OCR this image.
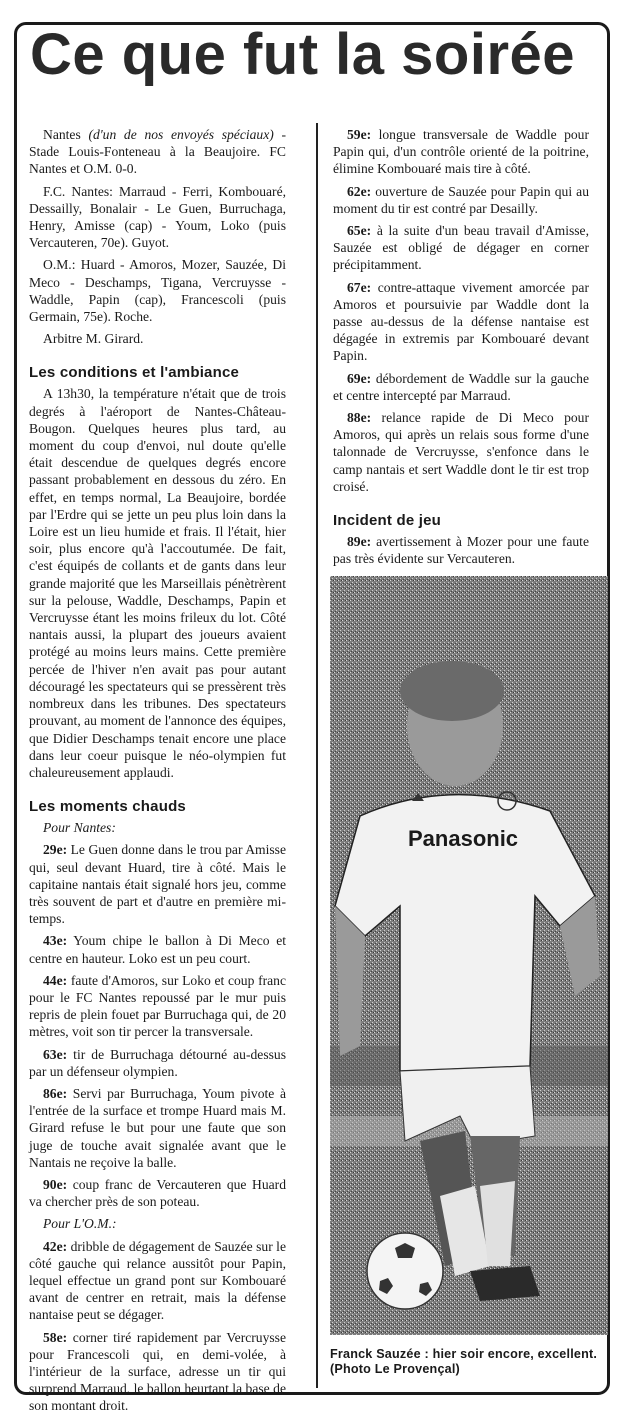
Ce que fut la soirée

Nantes (d'un de nos envoyés spéciaux) - Stade Louis-Fonteneau à la Beaujoire. FC Nantes et O.M. 0-0.

F.C. Nantes: Marraud - Ferri, Kombouaré, Dessailly, Bonalair - Le Guen, Burruchaga, Henry, Amisse (cap) - Youm, Loko (puis Vercauteren, 70e). Guyot.

O.M.: Huard - Amoros, Mozer, Sauzée, Di Meco - Deschamps, Tigana, Vercruysse - Waddle, Papin (cap), Francescoli (puis Germain, 75e). Roche.

Arbitre M. Girard.

Les conditions et l'ambiance

A 13h30, la température n'était que de trois degrés à l'aéroport de Nantes-Château-Bougon. Quelques heures plus tard, au moment du coup d'envoi, nul doute qu'elle était descendue de quelques degrés encore passant probablement en dessous du zéro. En effet, en temps normal, La Beaujoire, bordée par l'Erdre qui se jette un peu plus loin dans la Loire est un lieu humide et frais. Il l'était, hier soir, plus encore qu'à l'accoutumée. De fait, c'est équipés de collants et de gants dans leur grande majorité que les Marseillais pénètrèrent sur la pelouse, Waddle, Deschamps, Papin et Vercruysse étant les moins frileux du lot. Côté nantais aussi, la plupart des joueurs avaient protégé au moins leurs mains. Cette première percée de l'hiver n'en avait pas pour autant découragé les spectateurs qui se pressèrent très nombreux dans les tribunes. Des spectateurs prouvant, au moment de l'annonce des équipes, que Didier Deschamps tenait encore une place dans leur coeur puisque le néo-olympien fut chaleureusement applaudi.

Les moments chauds

Pour Nantes:

29e: Le Guen donne dans le trou par Amisse qui, seul devant Huard, tire à côté. Mais le capitaine nantais était signalé hors jeu, comme très souvent de part et d'autre en première mi-temps.

43e: Youm chipe le ballon à Di Meco et centre en hauteur. Loko est un peu court.

44e: faute d'Amoros, sur Loko et coup franc pour le FC Nantes repoussé par le mur puis repris de plein fouet par Burruchaga qui, de 20 mètres, voit son tir percer la transversale.

63e: tir de Burruchaga détourné au-dessus par un défenseur olympien.

86e: Servi par Burruchaga, Youm pivote à l'entrée de la surface et trompe Huard mais M. Girard refuse le but pour une faute que son juge de touche avait signalée avant que le Nantais ne reçoive la balle.

90e: coup franc de Vercauteren que Huard va chercher près de son poteau.

Pour L'O.M.:

42e: dribble de dégagement de Sauzée sur le côté gauche qui relance aussitôt pour Papin, lequel effectue un grand pont sur Kombouaré avant de centrer en retrait, mais la défense nantaise peut se dégager.

58e: corner tiré rapidement par Vercruysse pour Francescoli qui, en demi-volée, à l'intérieur de la surface, adresse un tir qui surprend Marraud, le ballon heurtant la base de son montant droit.

59e: longue transversale de Waddle pour Papin qui, d'un contrôle orienté de la poitrine, élimine Kombouaré mais tire à côté.

62e: ouverture de Sauzée pour Papin qui au moment du tir est contré par Desailly.

65e: à la suite d'un beau travail d'Amisse, Sauzée est obligé de dégager en corner précipitamment.

67e: contre-attaque vivement amorcée par Amoros et poursuivie par Waddle dont la passe au-dessus de la défense nantaise est dégagée in extremis par Kombouaré devant Papin.

69e: débordement de Waddle sur la gauche et centre intercepté par Marraud.

88e: relance rapide de Di Meco pour Amoros, qui après un relais sous forme d'une talonnade de Vercruysse, s'enfonce dans le camp nantais et sert Waddle dont le tir est trop croisé.

Incident de jeu

89e: avertissement à Mozer pour une faute pas très évidente sur Vercauteren.

Panasonic
Franck Sauzée : hier soir encore, excellent. (Photo Le Provençal)
